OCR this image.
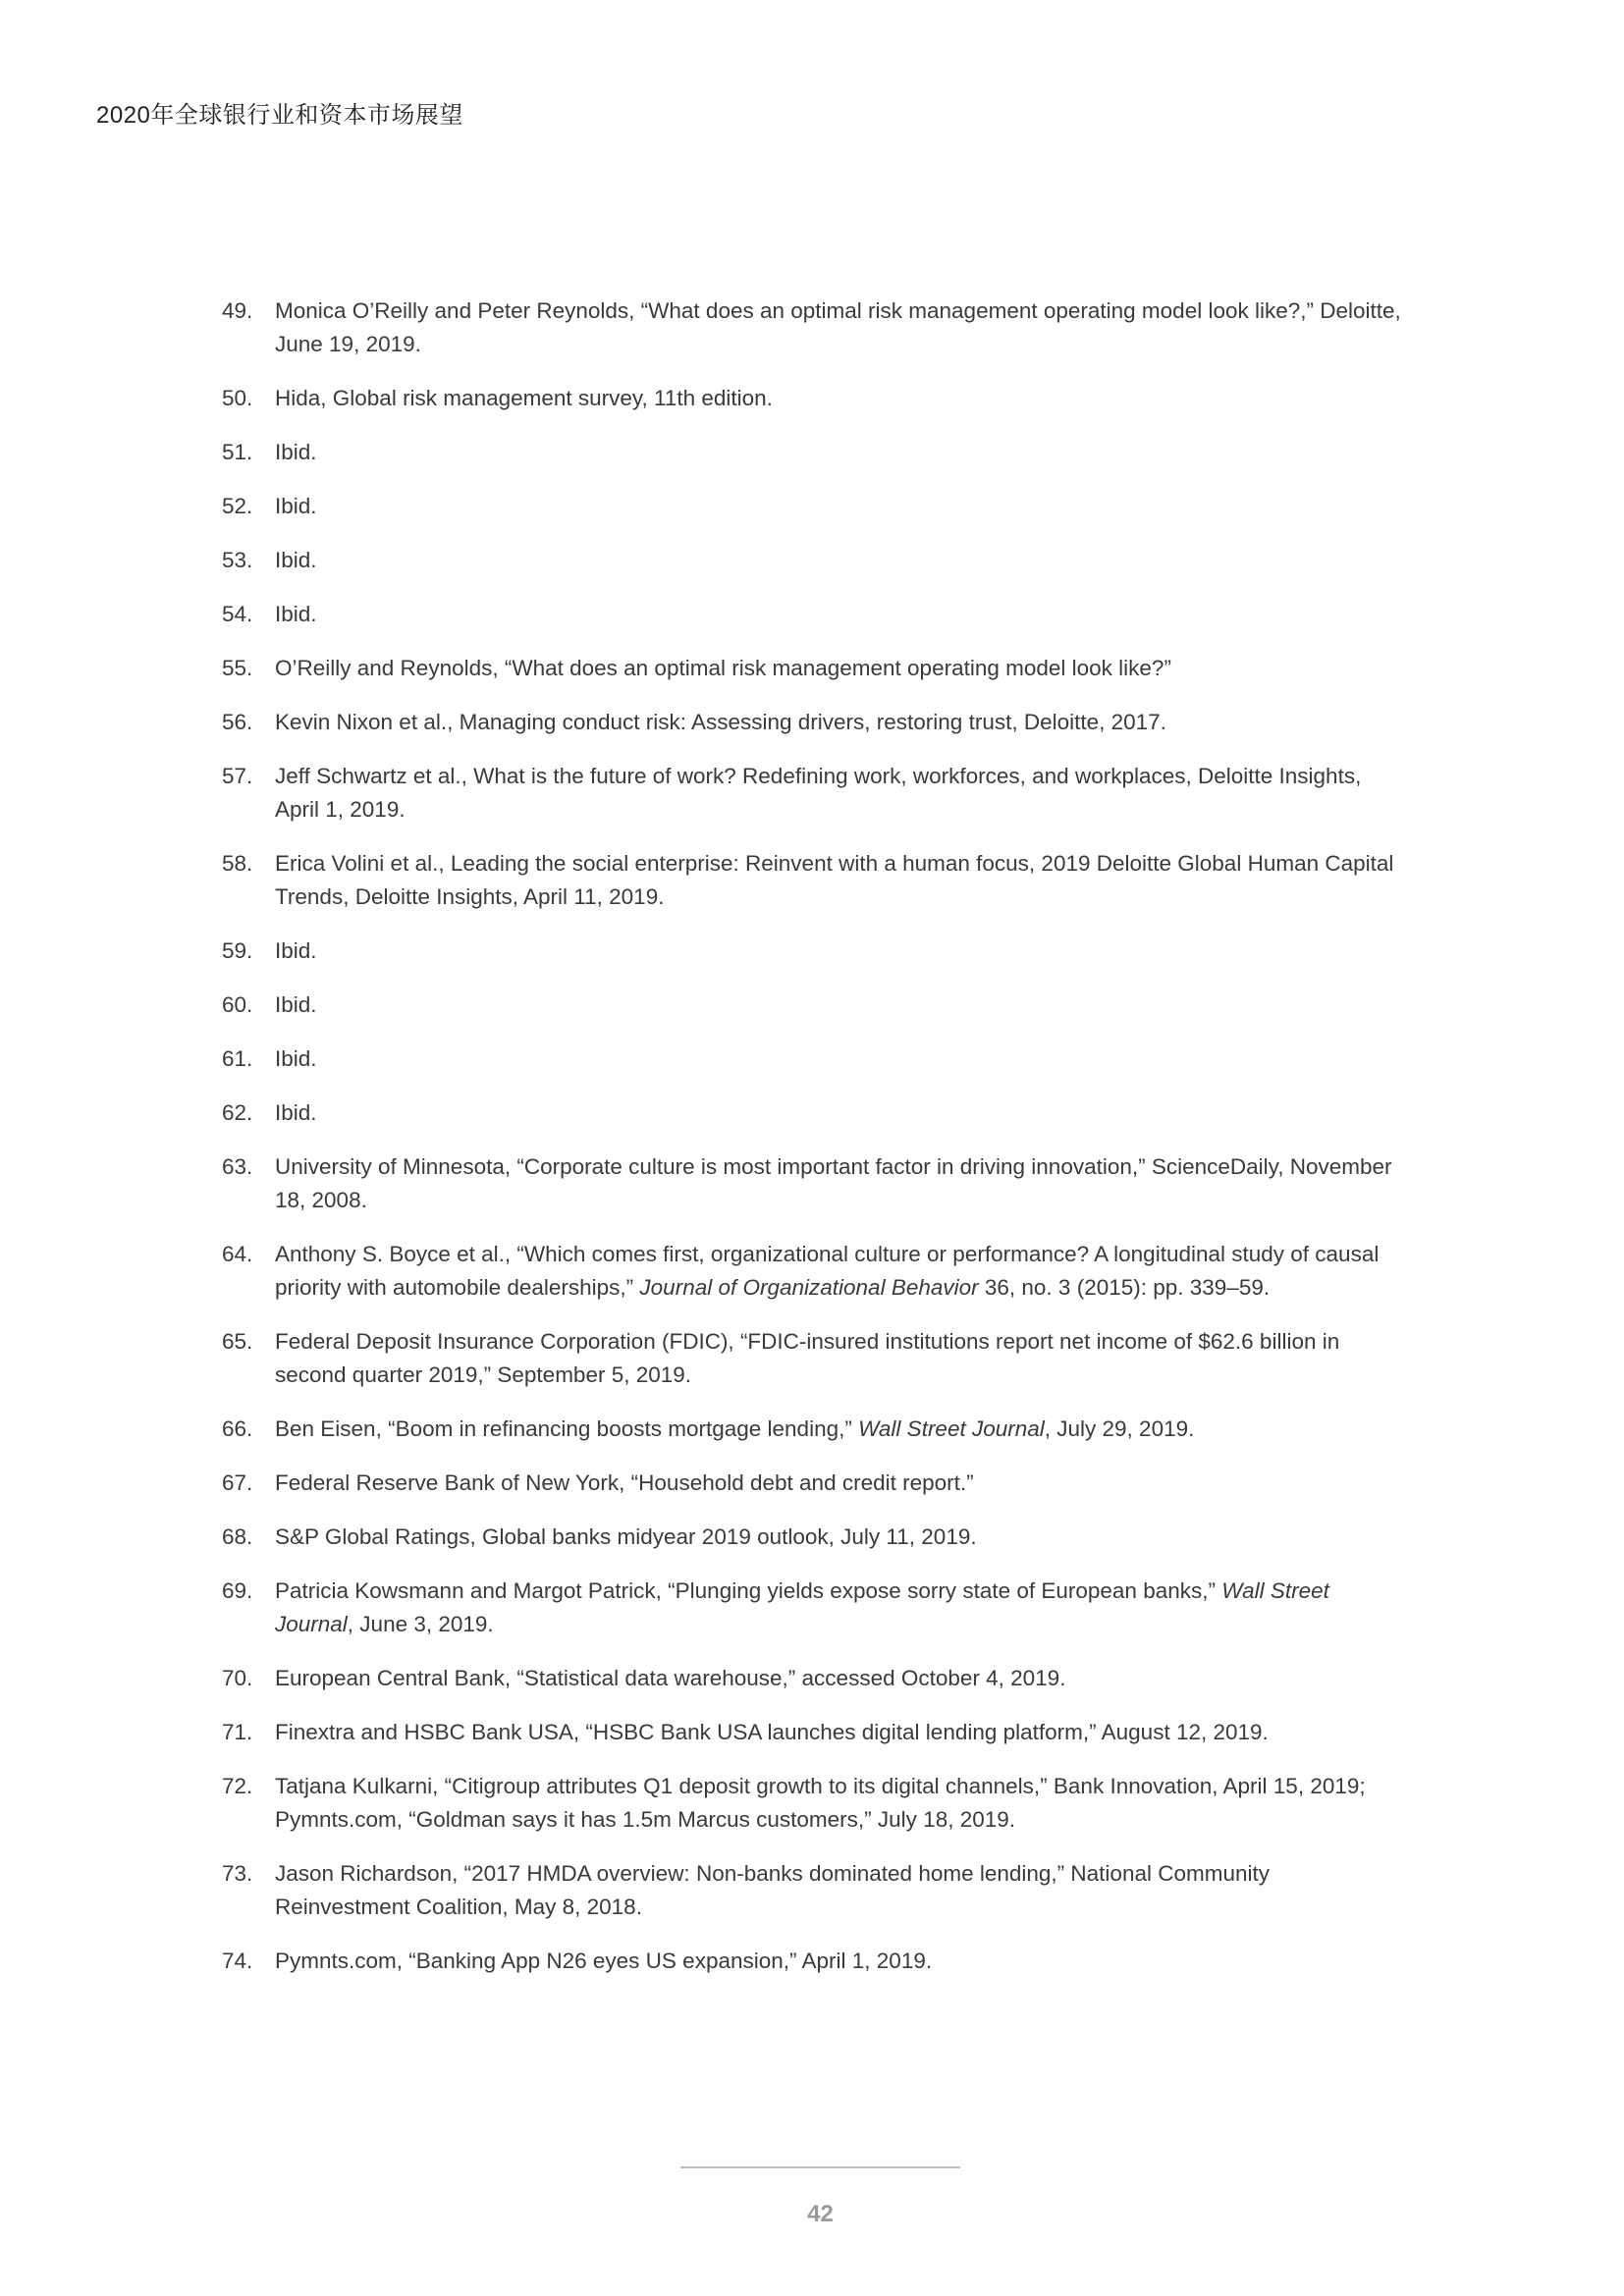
2020年全球银行业和资本市场展望
49.	Monica O’Reilly and Peter Reynolds, “What does an optimal risk management operating model look like?,” Deloitte, June 19, 2019.
50.	Hida, Global risk management survey, 11th edition.
51.	Ibid.
52.	Ibid.
53.	Ibid.
54.	Ibid.
55.	O’Reilly and Reynolds, “What does an optimal risk management operating model look like?”
56.	Kevin Nixon et al., Managing conduct risk: Assessing drivers, restoring trust, Deloitte, 2017.
57.	Jeff Schwartz et al., What is the future of work? Redefining work, workforces, and workplaces, Deloitte Insights, April 1, 2019.
58.	Erica Volini et al., Leading the social enterprise: Reinvent with a human focus, 2019 Deloitte Global Human Capital Trends, Deloitte Insights, April 11, 2019.
59.	Ibid.
60.	Ibid.
61.	Ibid.
62.	Ibid.
63.	University of Minnesota, “Corporate culture is most important factor in driving innovation,” ScienceDaily, November 18, 2008.
64.	Anthony S. Boyce et al., “Which comes first, organizational culture or performance? A longitudinal study of causal priority with automobile dealerships,” Journal of Organizational Behavior 36, no. 3 (2015): pp. 339–59.
65.	Federal Deposit Insurance Corporation (FDIC), “FDIC-insured institutions report net income of $62.6 billion in second quarter 2019,” September 5, 2019.
66.	Ben Eisen, “Boom in refinancing boosts mortgage lending,” Wall Street Journal, July 29, 2019.
67.	Federal Reserve Bank of New York, “Household debt and credit report.”
68.	S&P Global Ratings, Global banks midyear 2019 outlook, July 11, 2019.
69.	Patricia Kowsmann and Margot Patrick, “Plunging yields expose sorry state of European banks,” Wall Street Journal, June 3, 2019.
70.	European Central Bank, “Statistical data warehouse,” accessed October 4, 2019.
71.	Finextra and HSBC Bank USA, “HSBC Bank USA launches digital lending platform,” August 12, 2019.
72.	Tatjana Kulkarni, “Citigroup attributes Q1 deposit growth to its digital channels,” Bank Innovation, April 15, 2019; Pymnts.com, “Goldman says it has 1.5m Marcus customers,” July 18, 2019.
73.	Jason Richardson, “2017 HMDA overview: Non-banks dominated home lending,” National Community Reinvestment Coalition, May 8, 2018.
74.	Pymnts.com, “Banking App N26 eyes US expansion,” April 1, 2019.
42
